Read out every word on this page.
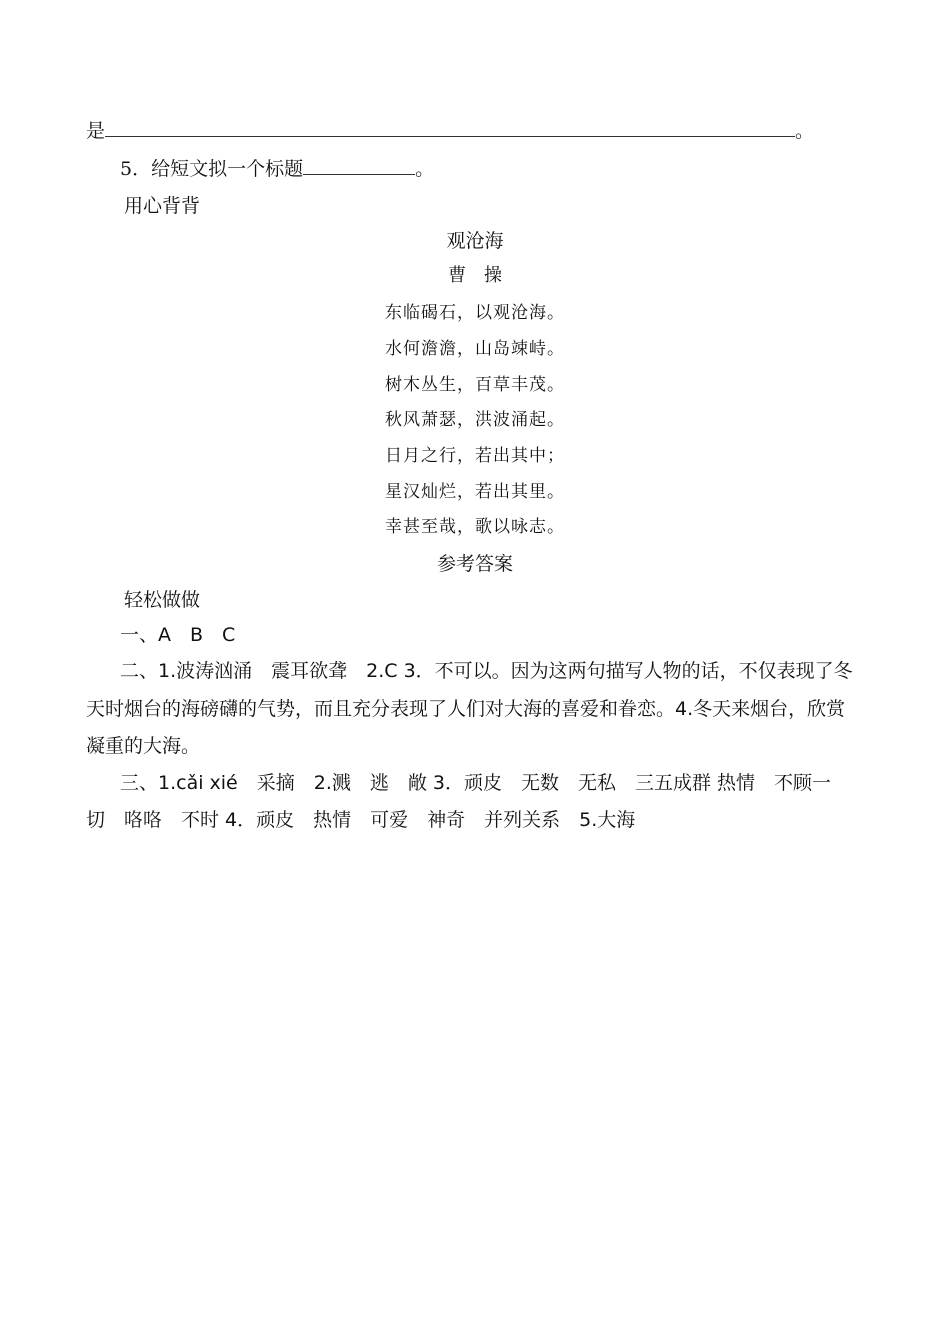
是	。
5．给短文拟一个标题	。
用心背背
观沧海
曹　操
东临碣石，以观沧海。
水何澹澹，山岛竦峙。
树木丛生，百草丰茂。
秋风萧瑟，洪波涌起。
日月之行，若出其中；
星汉灿烂，若出其里。
幸甚至哉，歌以咏志。
参考答案
轻松做做
一、A　B　C
二、1.波涛汹涌　震耳欲聋　2.C 3．不可以。因为这两句描写人物的话，不仅表现了冬
天时烟台的海磅礴的气势，而且充分表现了人们对大海的喜爱和眷恋。4.冬天来烟台，欣赏
凝重的大海。
三、1.cǎi xié　采摘　2.溅　逃　敞 3．顽皮　无数　无私　三五成群 热情　不顾一
切　咯咯　不时 4．顽皮　热情　可爱　神奇　并列关系　5.大海
